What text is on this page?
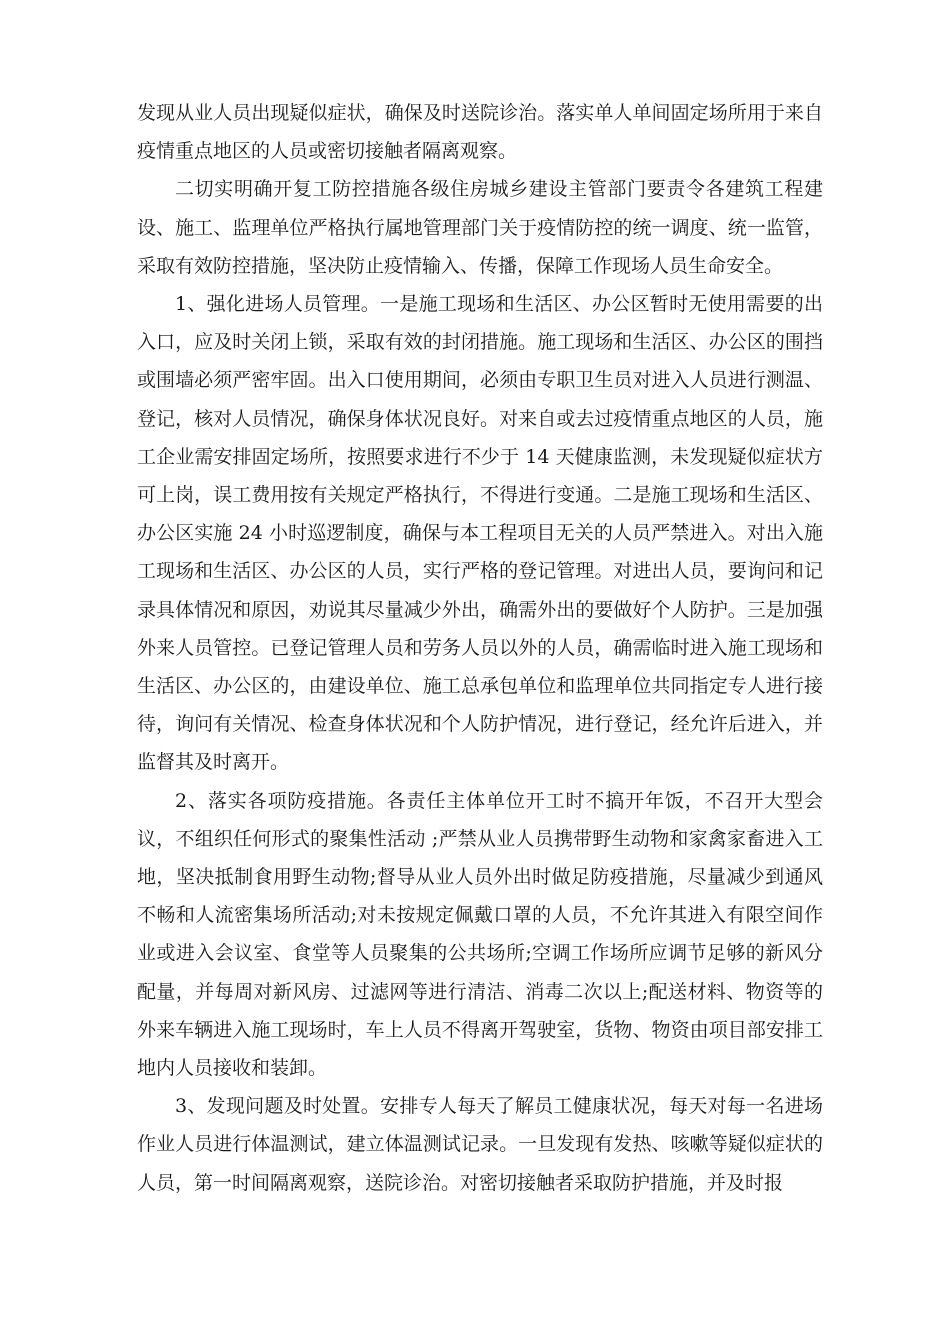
发现从业人员出现疑似症状，确保及时送院诊治。落实单人单间固定场所用于来自疫情重点地区的人员或密切接触者隔离观察。

二切实明确开复工防控措施各级住房城乡建设主管部门要责令各建筑工程建设、施工、监理单位严格执行属地管理部门关于疫情防控的统一调度、统一监管，采取有效防控措施，坚决防止疫情输入、传播，保障工作现场人员生命安全。

1、强化进场人员管理。一是施工现场和生活区、办公区暂时无使用需要的出入口，应及时关闭上锁，采取有效的封闭措施。施工现场和生活区、办公区的围挡或围墙必须严密牢固。出入口使用期间，必须由专职卫生员对进入人员进行测温、登记，核对人员情况，确保身体状况良好。对来自或去过疫情重点地区的人员，施工企业需安排固定场所，按照要求进行不少于 14 天健康监测，未发现疑似症状方可上岗，误工费用按有关规定严格执行，不得进行变通。二是施工现场和生活区、办公区实施 24 小时巡逻制度，确保与本工程项目无关的人员严禁进入。对出入施工现场和生活区、办公区的人员，实行严格的登记管理。对进出人员，要询问和记录具体情况和原因，劝说其尽量减少外出，确需外出的要做好个人防护。三是加强外来人员管控。已登记管理人员和劳务人员以外的人员，确需临时进入施工现场和生活区、办公区的，由建设单位、施工总承包单位和监理单位共同指定专人进行接待，询问有关情况、检查身体状况和个人防护情况，进行登记，经允许后进入，并监督其及时离开。

2、落实各项防疫措施。各责任主体单位开工时不搞开年饭，不召开大型会议，不组织任何形式的聚集性活动 ;严禁从业人员携带野生动物和家禽家畜进入工地，坚决抵制食用野生动物;督导从业人员外出时做足防疫措施，尽量减少到通风不畅和人流密集场所活动;对未按规定佩戴口罩的人员，不允许其进入有限空间作业或进入会议室、食堂等人员聚集的公共场所;空调工作场所应调节足够的新风分配量，并每周对新风房、过滤网等进行清洁、消毒二次以上;配送材料、物资等的外来车辆进入施工现场时，车上人员不得离开驾驶室，货物、物资由项目部安排工地内人员接收和装卸。

3、发现问题及时处置。安排专人每天了解员工健康状况，每天对每一名进场作业人员进行体温测试，建立体温测试记录。一旦发现有发热、咳嗽等疑似症状的人员，第一时间隔离观察，送院诊治。对密切接触者采取防护措施，并及时报
